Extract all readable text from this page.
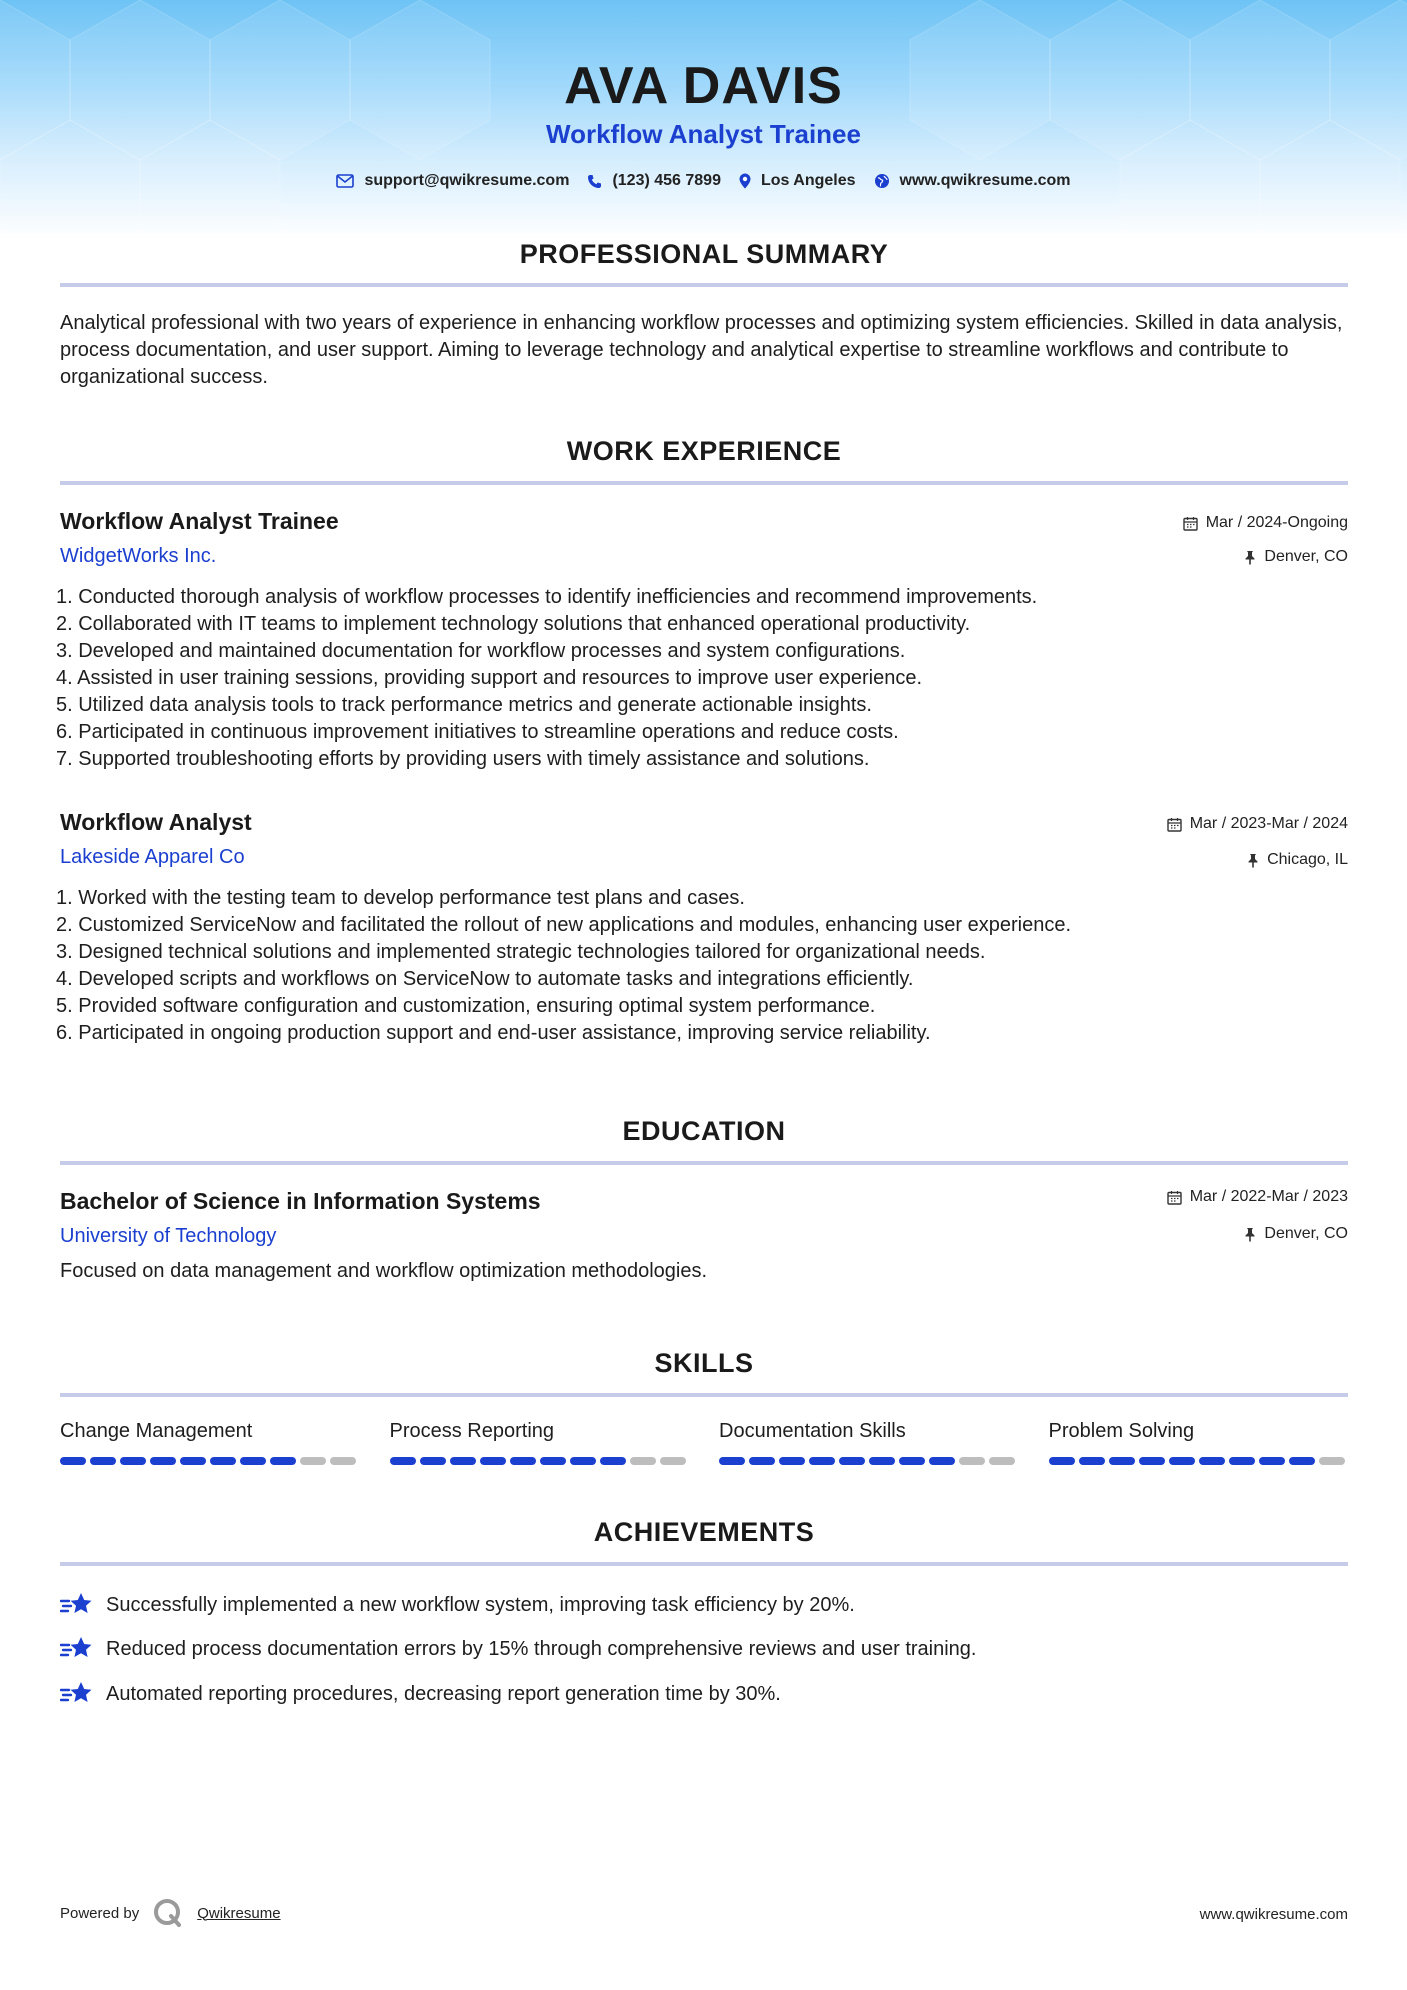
AVA DAVIS
Workflow Analyst Trainee
support@qwikresume.com	(123) 456 7899	Los Angeles	www.qwikresume.com
PROFESSIONAL SUMMARY
Analytical professional with two years of experience in enhancing workflow processes and optimizing system efficiencies. Skilled in data analysis, process documentation, and user support. Aiming to leverage technology and analytical expertise to streamline workflows and contribute to organizational success.
WORK EXPERIENCE
Workflow Analyst Trainee
WidgetWorks Inc.
Mar / 2024-Ongoing
Denver, CO
1. Conducted thorough analysis of workflow processes to identify inefficiencies and recommend improvements.
2. Collaborated with IT teams to implement technology solutions that enhanced operational productivity.
3. Developed and maintained documentation for workflow processes and system configurations.
4. Assisted in user training sessions, providing support and resources to improve user experience.
5. Utilized data analysis tools to track performance metrics and generate actionable insights.
6. Participated in continuous improvement initiatives to streamline operations and reduce costs.
7. Supported troubleshooting efforts by providing users with timely assistance and solutions.
Workflow Analyst
Lakeside Apparel Co
Mar / 2023-Mar / 2024
Chicago, IL
1. Worked with the testing team to develop performance test plans and cases.
2. Customized ServiceNow and facilitated the rollout of new applications and modules, enhancing user experience.
3. Designed technical solutions and implemented strategic technologies tailored for organizational needs.
4. Developed scripts and workflows on ServiceNow to automate tasks and integrations efficiently.
5. Provided software configuration and customization, ensuring optimal system performance.
6. Participated in ongoing production support and end-user assistance, improving service reliability.
EDUCATION
Bachelor of Science in Information Systems
University of Technology
Mar / 2022-Mar / 2023
Denver, CO
Focused on data management and workflow optimization methodologies.
SKILLS
Change Management	Process Reporting	Documentation Skills	Problem Solving
ACHIEVEMENTS
Successfully implemented a new workflow system, improving task efficiency by 20%.
Reduced process documentation errors by 15% through comprehensive reviews and user training.
Automated reporting procedures, decreasing report generation time by 30%.
Powered by	Qwikresume	www.qwikresume.com
